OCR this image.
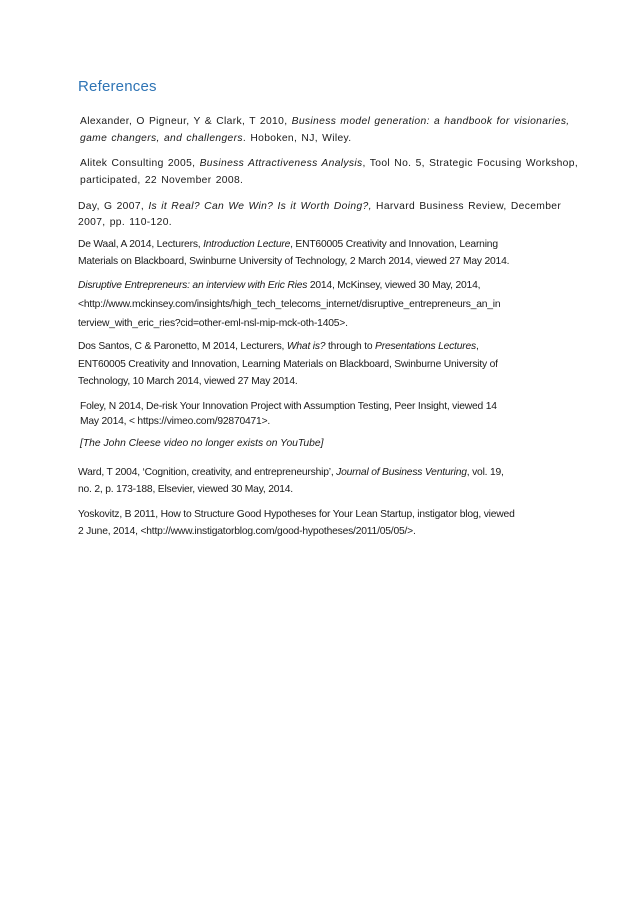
References

Alexander, O Pigneur, Y & Clark, T 2010, Business model generation: a handbook for visionaries,
game changers, and challengers. Hoboken, NJ, Wiley.

Alitek Consulting 2005, Business Attractiveness Analysis, Tool No. 5, Strategic Focusing Workshop,
participated, 22 November 2008.

Day, G 2007, Is it Real? Can We Win? Is it Worth Doing?, Harvard Business Review, December
2007, pp. 110-120.

De Waal, A 2014, Lecturers, Introduction Lecture, ENT60005 Creativity and Innovation, Learning
Materials on Blackboard, Swinburne University of Technology, 2 March 2014, viewed 27 May 2014.

Disruptive Entrepreneurs: an interview with Eric Ries 2014, McKinsey, viewed 30 May, 2014,
<http://www.mckinsey.com/insights/high_tech_telecoms_internet/disruptive_entrepreneurs_an_in
terview_with_eric_ries?cid=other-eml-nsl-mip-mck-oth-1405>.

Dos Santos, C & Paronetto, M 2014, Lecturers, What is? through to Presentations Lectures,
ENT60005 Creativity and Innovation, Learning Materials on Blackboard, Swinburne University of
Technology, 10 March 2014, viewed 27 May 2014.

Foley, N 2014, De-risk Your Innovation Project with Assumption Testing, Peer Insight, viewed 14
May 2014, < https://vimeo.com/92870471>.

[The John Cleese video no longer exists on YouTube]

Ward, T 2004, ‘Cognition, creativity, and entrepreneurship’, Journal of Business Venturing, vol. 19,
no. 2, p. 173-188, Elsevier, viewed 30 May, 2014.

Yoskovitz, B 2011, How to Structure Good Hypotheses for Your Lean Startup, instigator blog, viewed
2 June, 2014, <http://www.instigatorblog.com/good-hypotheses/2011/05/05/>.
